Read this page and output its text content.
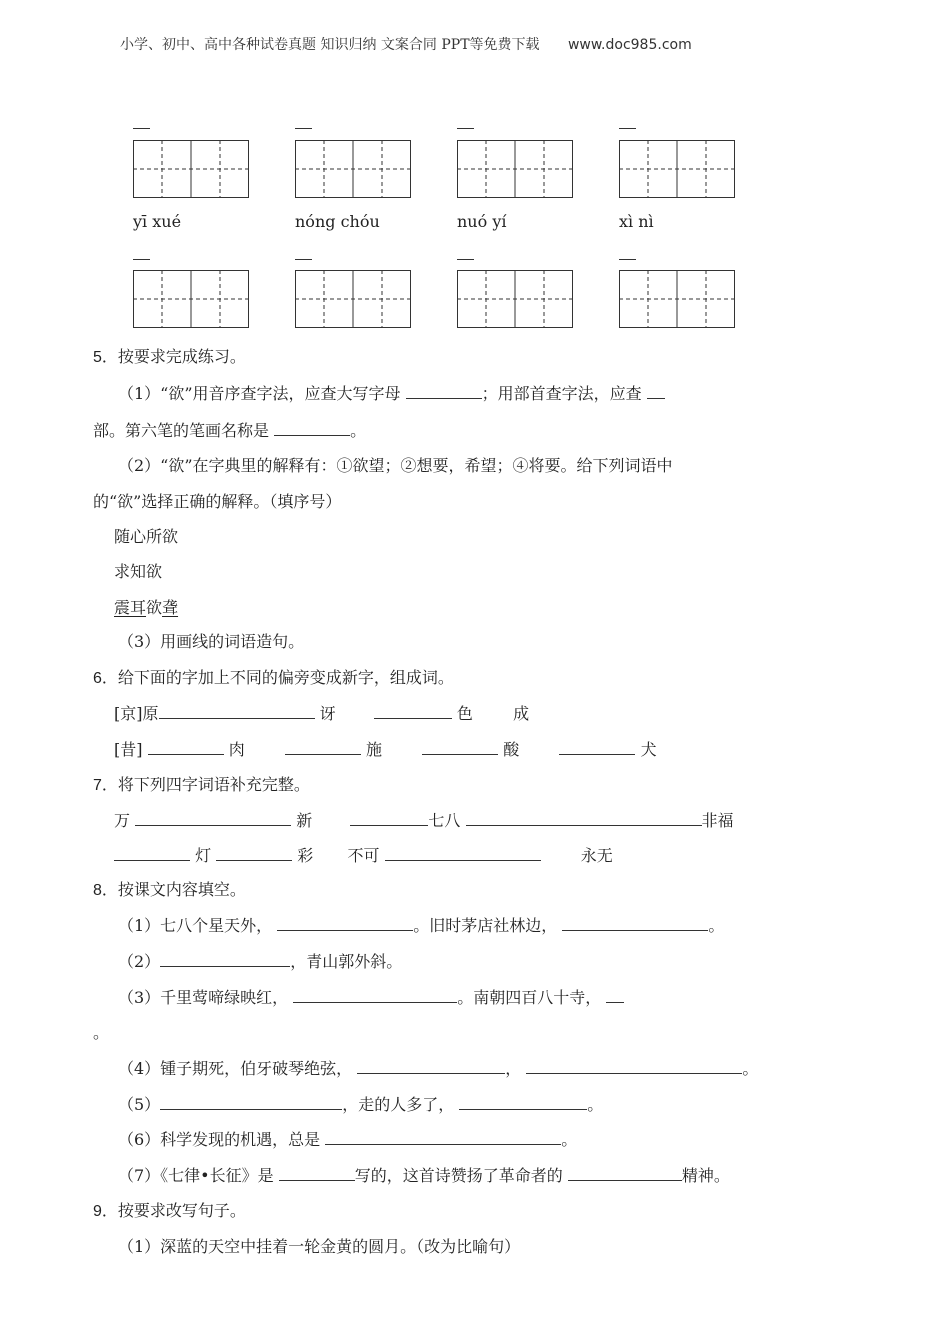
小学、初中、高中各种试卷真题 知识归纳 文案合同 PPT等免费下载 www.doc985.com
yī xué	nóng chóu	nuó yí	xì nì
5．按要求完成练习。
（1）“欲”用音序查字法，应查大写字母	；用部首查字法，应查
部。第六笔的笔画名称是	。
（2）“欲”在字典里的解释有：①欲望；②想要，希望；④将要。给下列词语中
的“欲”选择正确的解释。（填序号）
随心所欲
求知欲
震耳欲聋
（3）用画线的词语造句。
6．给下面的字加上不同的偏旁变成新字，组成词。
[京]原	讶	色	成
[昔]	肉	施	酸	犬
7．将下列四字词语补充完整。
万	新	七八	非福
灯	彩 不可	永无
8．按课文内容填空。
（1）七八个星天外，	。旧时茅店社林边，	。
（2）	，青山郭外斜。
（3）千里莺啼绿映红，	。南朝四百八十寺，
。
（4）锺子期死，伯牙破琴绝弦，	，	。
（5）	，走的人多了，	。
（6）科学发现的机遇，总是	。
（7）《七律•长征》是	写的，这首诗赞扬了革命者的	精神。
9．按要求改写句子。
（1）深蓝的天空中挂着一轮金黄的圆月。（改为比喻句）
